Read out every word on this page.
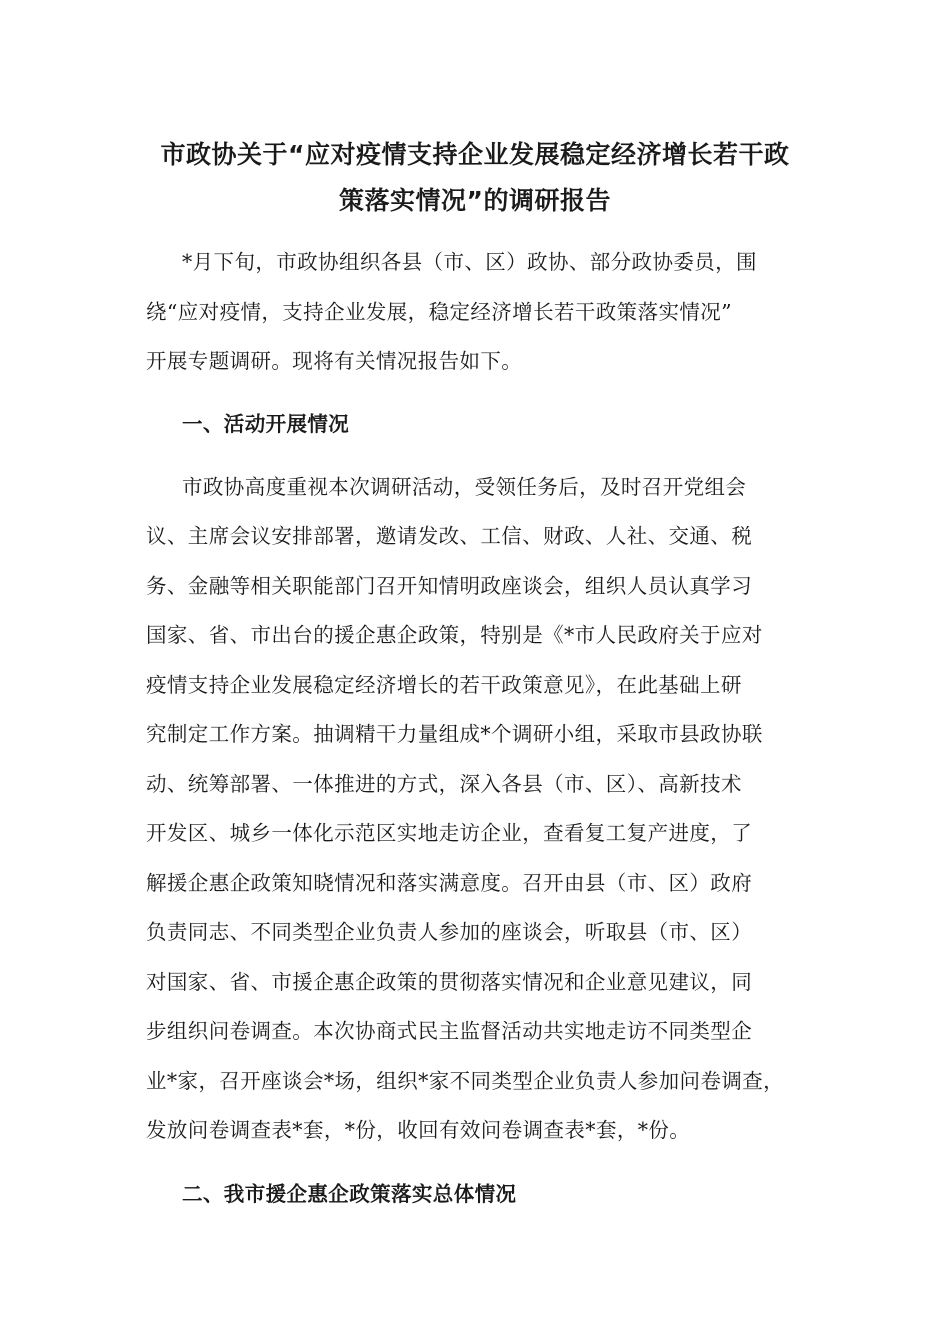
市政协关于“应对疫情支持企业发展稳定经济增长若干政
策落实情况”的调研报告
*月下旬，市政协组织各县（市、区）政协、部分政协委员，围
绕“应对疫情，支持企业发展，稳定经济增长若干政策落实情况”
开展专题调研。现将有关情况报告如下。
一、活动开展情况
市政协高度重视本次调研活动，受领任务后，及时召开党组会
议、主席会议安排部署，邀请发改、工信、财政、人社、交通、税
务、金融等相关职能部门召开知情明政座谈会，组织人员认真学习
国家、省、市出台的援企惠企政策，特别是《*市人民政府关于应对
疫情支持企业发展稳定经济增长的若干政策意见》，在此基础上研
究制定工作方案。抽调精干力量组成*个调研小组，采取市县政协联
动、统筹部署、一体推进的方式，深入各县（市、区）、高新技术
开发区、城乡一体化示范区实地走访企业，查看复工复产进度，了
解援企惠企政策知晓情况和落实满意度。召开由县（市、区）政府
负责同志、不同类型企业负责人参加的座谈会，听取县（市、区）
对国家、省、市援企惠企政策的贯彻落实情况和企业意见建议，同
步组织问卷调查。本次协商式民主监督活动共实地走访不同类型企
业*家，召开座谈会*场，组织*家不同类型企业负责人参加问卷调查，
发放问卷调查表*套，*份，收回有效问卷调查表*套，*份。
二、我市援企惠企政策落实总体情况
